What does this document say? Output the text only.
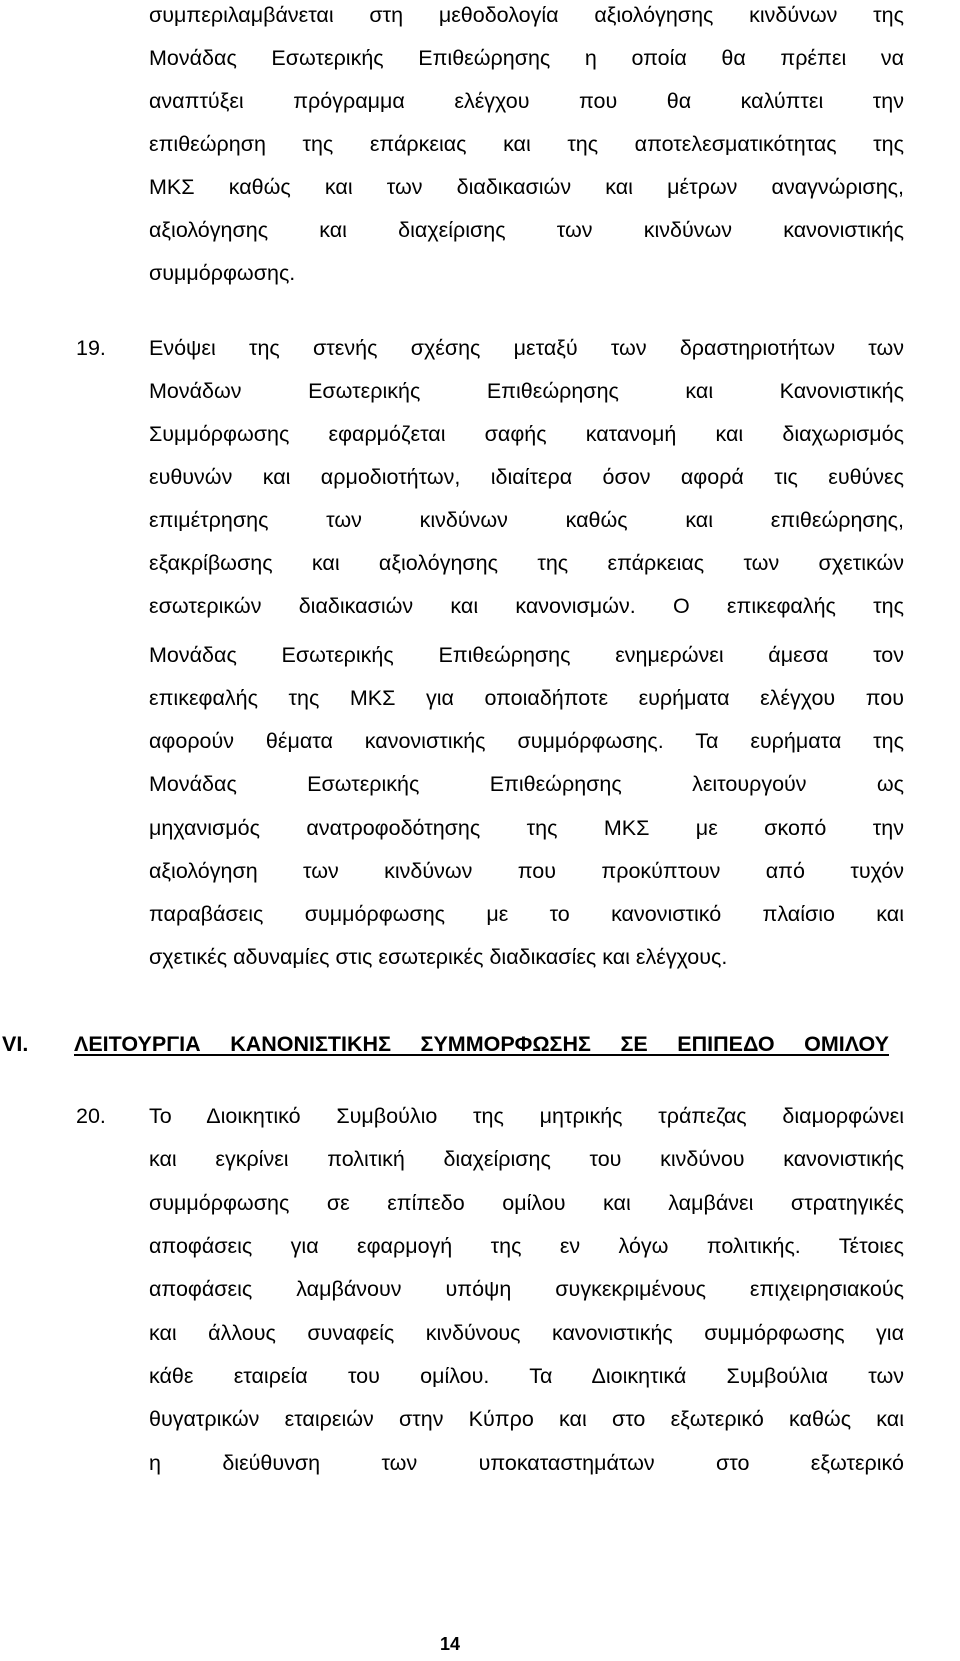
συμπεριλαμβάνεται στη μεθοδολογία αξιολόγησης κινδύνων της
Μονάδας Εσωτερικής Επιθεώρησης η οποία θα πρέπει να
αναπτύξει πρόγραμμα ελέγχου που θα καλύπτει την
επιθεώρηση της επάρκειας και της αποτελεσματικότητας της
ΜΚΣ καθώς και των διαδικασιών και μέτρων αναγνώρισης,
αξιολόγησης και διαχείρισης των κινδύνων κανονιστικής
συμμόρφωσης.
19. Ενόψει της στενής σχέσης μεταξύ των δραστηριοτήτων των
Μονάδων Εσωτερικής Επιθεώρησης και Κανονιστικής
Συμμόρφωσης εφαρμόζεται σαφής κατανομή και διαχωρισμός
ευθυνών και αρμοδιοτήτων, ιδιαίτερα όσον αφορά τις ευθύνες
επιμέτρησης των κινδύνων καθώς και επιθεώρησης,
εξακρίβωσης και αξιολόγησης της επάρκειας των σχετικών
εσωτερικών διαδικασιών και κανονισμών. Ο επικεφαλής της
Μονάδας Εσωτερικής Επιθεώρησης ενημερώνει άμεσα τον
επικεφαλής της ΜΚΣ για οποιαδήποτε ευρήματα ελέγχου που
αφορούν θέματα κανονιστικής συμμόρφωσης. Τα ευρήματα της
Μονάδας Εσωτερικής Επιθεώρησης λειτουργούν ως
μηχανισμός ανατροφοδότησης της ΜΚΣ με σκοπό την
αξιολόγηση των κινδύνων που προκύπτουν από τυχόν
παραβάσεις συμμόρφωσης με το κανονιστικό πλαίσιο και
σχετικές αδυναμίες στις εσωτερικές διαδικασίες και ελέγχους.
VI. ΛΕΙΤΟΥΡΓΙΑ ΚΑΝΟΝΙΣΤΙΚΗΣ ΣΥΜΜΟΡΦΩΣΗΣ ΣΕ ΕΠΙΠΕΔΟ ΟΜΙΛΟΥ
20. Το Διοικητικό Συμβούλιο της μητρικής τράπεζας διαμορφώνει
και εγκρίνει πολιτική διαχείρισης του κινδύνου κανονιστικής
συμμόρφωσης σε επίπεδο ομίλου και λαμβάνει στρατηγικές
αποφάσεις για εφαρμογή της εν λόγω πολιτικής. Τέτοιες
αποφάσεις λαμβάνουν υπόψη συγκεκριμένους επιχειρησιακούς
και άλλους συναφείς κινδύνους κανονιστικής συμμόρφωσης για
κάθε εταιρεία του ομίλου. Τα Διοικητικά Συμβούλια των
θυγατρικών εταιρειών στην Κύπρο και στο εξωτερικό καθώς και
η διεύθυνση των υποκαταστημάτων στο εξωτερικό
14
